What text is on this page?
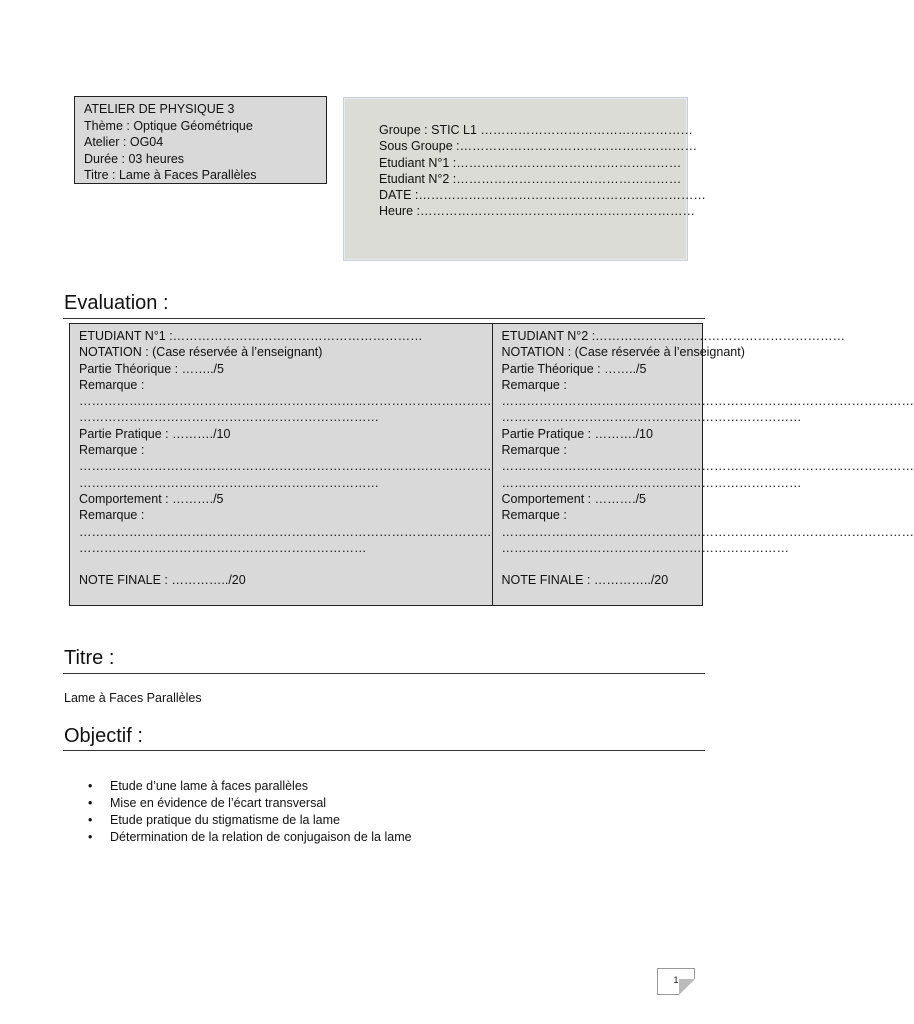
ATELIER DE PHYSIQUE 3
Thème : Optique Géométrique
Atelier : OG04
Durée : 03 heures
Titre : Lame à Faces Parallèles
Groupe : STIC L1 ……………………………………………
Sous Groupe :…………………………………………………
Etudiant N°1 :………………………………………………
Etudiant N°2 :………………………………………………
DATE :……………………………………………………………
Heure :…………………………………………………………
Evaluation :
ETUDIANT N°1 :……………………………………………………
NOTATION : (Case réservée à l’enseignant)
Partie Théorique : ……../5
Remarque :
………………………………………………………………………………………
………………………………………………………………
Partie Pratique : ………./10
Remarque :
………………………………………………………………………………………
………………………………………………………………
Comportement : ………./5
Remarque :
………………………………………………………………………………………
……………………………………………………………
NOTE FINALE : …………../20
ETUDIANT N°2 :……………………………………………………
NOTATION : (Case réservée à l’enseignant)
Partie Théorique : ……../5
Remarque :
………………………………………………………………………………………
………………………………………………………………
Partie Pratique : ………./10
Remarque :
………………………………………………………………………………………
………………………………………………………………
Comportement : ………./5
Remarque :
………………………………………………………………………………………
……………………………………………………………
NOTE FINALE : …………../20
Titre :
Lame à Faces Parallèles
Objectif :
• Etude d’une lame à faces parallèles
• Mise en évidence de l’écart transversal
• Etude pratique du stigmatisme de la lame
• Détermination de la relation de conjugaison de la lame
1
